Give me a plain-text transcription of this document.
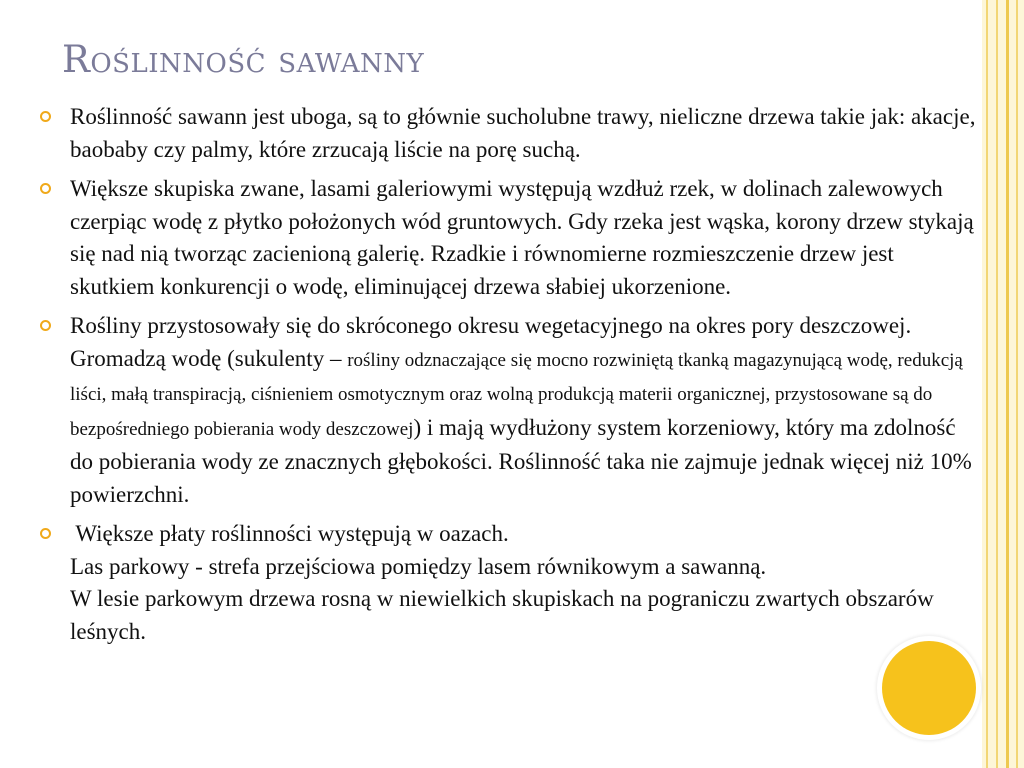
Roślinność sawanny
Roślinność sawann jest uboga, są to głównie sucholubne trawy, nieliczne drzewa takie jak: akacje, baobaby czy palmy, które zrzucają liście na porę suchą.
Większe skupiska zwane, lasami galeriowymi występują wzdłuż rzek, w dolinach zalewowych czerpiąc wodę z płytko położonych wód gruntowych. Gdy rzeka jest wąska, korony drzew stykają się nad nią tworząc zacienioną galerię. Rzadkie i równomierne rozmieszczenie drzew jest skutkiem konkurencji o wodę, eliminującej drzewa słabiej ukorzenione.
Rośliny przystosowały się do skróconego okresu wegetacyjnego na okres pory deszczowej. Gromadzą wodę (sukulenty – rośliny odznaczające się mocno rozwiniętą tkanką magazynującą wodę, redukcją liści, małą transpiracją, ciśnieniem osmotycznym oraz wolną produkcją materii organicznej, przystosowane są do bezpośredniego pobierania wody deszczowej) i mają wydłużony system korzeniowy, który ma zdolność do pobierania wody ze znacznych głębokości. Roślinność taka nie zajmuje jednak więcej niż 10% powierzchni.
Większe płaty roślinności występują w oazach.
Las parkowy - strefa przejściowa pomiędzy lasem równikowym a sawanną.
W lesie parkowym drzewa rosną w niewielkich skupiskach na pograniczu zwartych obszarów leśnych.
